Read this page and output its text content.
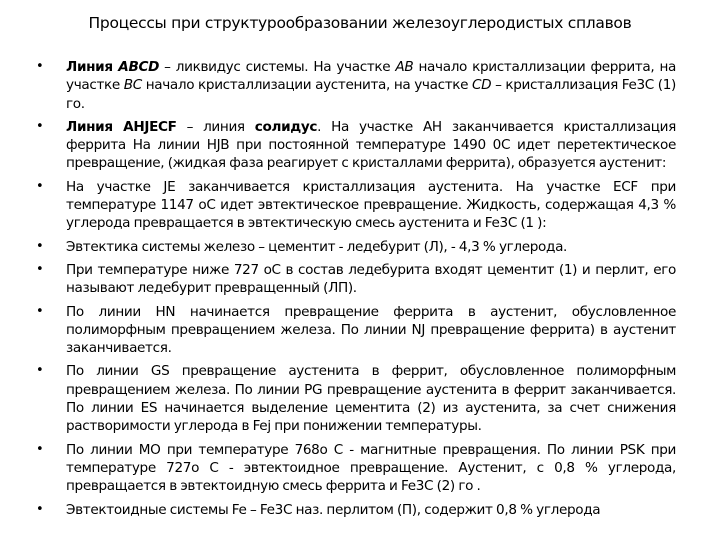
Процессы при структурообразовании железоуглеродистых сплавов
• Линия ABCD – ликвидус системы. На участке AB начало кристаллизации феррита, на участке BC начало кристаллизации аустенита, на участке CD – кристаллизация Fe3C (1) го.
• Линия AHJECF – линия солидус. На участке AH заканчивается кристаллизация феррита На линии HJB при постоянной температуре 1490 0С идет перетектическое превращение, (жидкая фаза реагирует с кристаллами феррита), образуется аустенит:
• На участке JE заканчивается кристаллизация аустенита. На участке ECF при температуре 1147 оС идет эвтектическое превращение. Жидкость, содержащая 4,3 % углерода превращается в эвтектическую смесь аустенита и Fe3C (1 ):
• Эвтектика системы железо – цементит - ледебурит (Л), - 4,3 % углерода.
• При температуре ниже 727 оС в состав ледебурита входят цементит (1) и перлит, его называют ледебурит превращенный (ЛП).
• По линии HN начинается превращение феррита в аустенит, обусловленное полиморфным превращением железа. По линии NJ превращение феррита) в аустенит заканчивается.
• По линии GS превращение аустенита в феррит, обусловленное полиморфным превращением железа. По линии PG превращение аустенита в феррит заканчивается. По линии ES начинается выделение цементита (2) из аустенита, за счет снижения растворимости углерода в Feј при понижении температуры.
• По линии МО при температуре 768о С - магнитные превращения. По линии PSK при температуре 727о С - эвтектоидное превращение. Аустенит, с 0,8 % углерода, превращается в эвтектоидную смесь феррита и Fe3C (2) го .
• Эвтектоидные системы Fe – Fe3C наз. перлитом (П), содержит 0,8 % углерода
